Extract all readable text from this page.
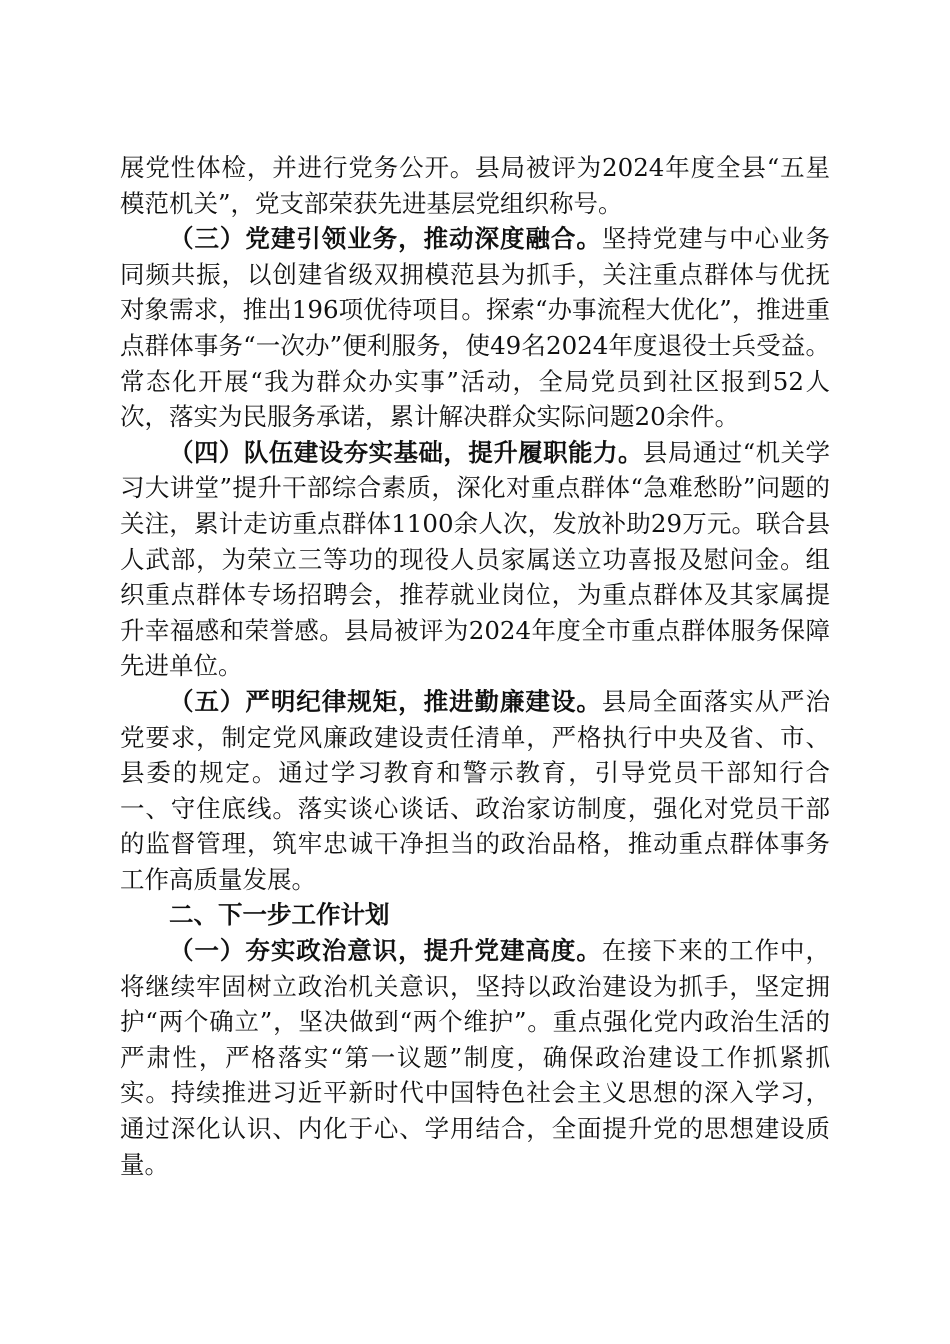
展党性体检，并进行党务公开。县局被评为2024年度全县“五星模范机关”，党支部荣获先进基层党组织称号。

（三）党建引领业务，推动深度融合。坚持党建与中心业务同频共振，以创建省级双拥模范县为抓手，关注重点群体与优抚对象需求，推出196项优待项目。探索“办事流程大优化”，推进重点群体事务“一次办”便利服务，使49名2024年度退役士兵受益。常态化开展“我为群众办实事”活动，全局党员到社区报到52人次，落实为民服务承诺，累计解决群众实际问题20余件。

（四）队伍建设夯实基础，提升履职能力。县局通过“机关学习大讲堂”提升干部综合素质，深化对重点群体“急难愁盼”问题的关注，累计走访重点群体1100余人次，发放补助29万元。联合县人武部，为荣立三等功的现役人员家属送立功喜报及慰问金。组织重点群体专场招聘会，推荐就业岗位，为重点群体及其家属提升幸福感和荣誉感。县局被评为2024年度全市重点群体服务保障先进单位。

（五）严明纪律规矩，推进勤廉建设。县局全面落实从严治党要求，制定党风廉政建设责任清单，严格执行中央及省、市、县委的规定。通过学习教育和警示教育，引导党员干部知行合一、守住底线。落实谈心谈话、政治家访制度，强化对党员干部的监督管理，筑牢忠诚干净担当的政治品格，推动重点群体事务工作高质量发展。

二、下一步工作计划

（一）夯实政治意识，提升党建高度。在接下来的工作中，将继续牢固树立政治机关意识，坚持以政治建设为抓手，坚定拥护“两个确立”，坚决做到“两个维护”。重点强化党内政治生活的严肃性，严格落实“第一议题”制度，确保政治建设工作抓紧抓实。持续推进习近平新时代中国特色社会主义思想的深入学习，通过深化认识、内化于心、学用结合，全面提升党的思想建设质量。
